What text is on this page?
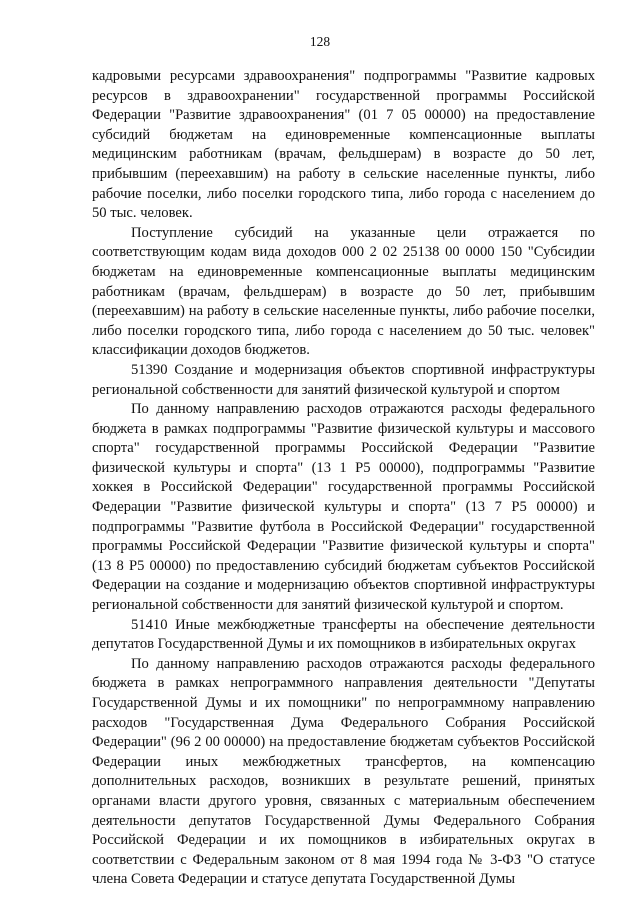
128

кадровыми ресурсами здравоохранения" подпрограммы "Развитие кадровых ресурсов в здравоохранении" государственной программы Российской Федерации "Развитие здравоохранения" (01 7 05 00000) на предоставление субсидий бюджетам на единовременные компенсационные выплаты медицинским работникам (врачам, фельдшерам) в возрасте до 50 лет, прибывшим (переехавшим) на работу в сельские населенные пункты, либо рабочие поселки, либо поселки городского типа, либо города с населением до 50 тыс. человек.

Поступление субсидий на указанные цели отражается по соответствующим кодам вида доходов 000 2 02 25138 00 0000 150 "Субсидии бюджетам на единовременные компенсационные выплаты медицинским работникам (врачам, фельдшерам) в возрасте до 50 лет, прибывшим (переехавшим) на работу в сельские населенные пункты, либо рабочие поселки, либо поселки городского типа, либо города с населением до 50 тыс. человек" классификации доходов бюджетов.

51390 Создание и модернизация объектов спортивной инфраструктуры региональной собственности для занятий физической культурой и спортом

По данному направлению расходов отражаются расходы федерального бюджета в рамках подпрограммы "Развитие физической культуры и массового спорта" государственной программы Российской Федерации "Развитие физической культуры и спорта" (13 1 Р5 00000), подпрограммы "Развитие хоккея в Российской Федерации" государственной программы Российской Федерации "Развитие физической культуры и спорта" (13 7 Р5 00000) и подпрограммы "Развитие футбола в Российской Федерации" государственной программы Российской Федерации "Развитие физической культуры и спорта" (13 8 Р5 00000) по предоставлению субсидий бюджетам субъектов Российской Федерации на создание и модернизацию объектов спортивной инфраструктуры региональной собственности для занятий физической культурой и спортом.

51410 Иные межбюджетные трансферты на обеспечение деятельности депутатов Государственной Думы и их помощников в избирательных округах

По данному направлению расходов отражаются расходы федерального бюджета в рамках непрограммного направления деятельности "Депутаты Государственной Думы и их помощники" по непрограммному направлению расходов "Государственная Дума Федерального Собрания Российской Федерации" (96 2 00 00000) на предоставление бюджетам субъектов Российской Федерации иных межбюджетных трансфертов, на компенсацию дополнительных расходов, возникших в результате решений, принятых органами власти другого уровня, связанных с материальным обеспечением деятельности депутатов Государственной Думы Федерального Собрания Российской Федерации и их помощников в избирательных округах в соответствии с Федеральным законом от 8 мая 1994 года № 3-ФЗ "О статусе члена Совета Федерации и статусе депутата Государственной Думы
